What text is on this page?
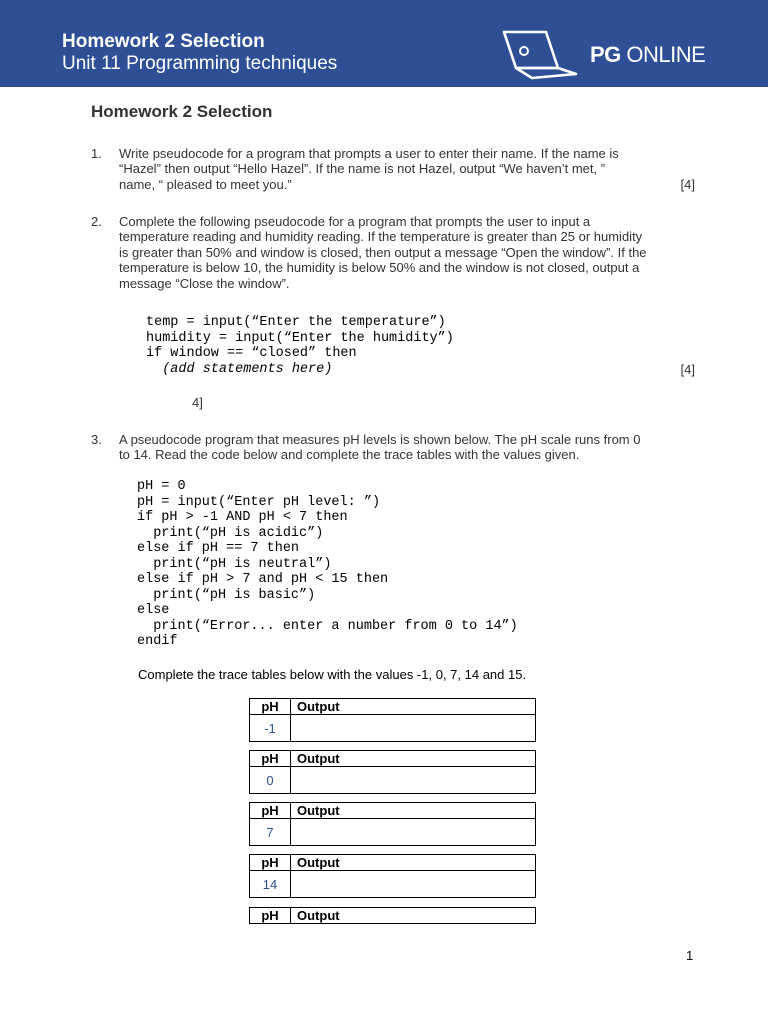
Homework 2 Selection
Unit 11 Programming techniques	PG ONLINE
Homework 2 Selection
1. Write pseudocode for a program that prompts a user to enter their name. If the name is
“Hazel” then output “Hello Hazel”. If the name is not Hazel, output “We haven’t met, ”
name, “ pleased to meet you.”	[4]
2. Complete the following pseudocode for a program that prompts the user to input a
temperature reading and humidity reading. If the temperature is greater than 25 or humidity
is greater than 50% and window is closed, then output a message “Open the window”. If the
temperature is below 10, the humidity is below 50% and the window is not closed, output a
message “Close the window”.
temp = input(“Enter the temperature”)
humidity = input(“Enter the humidity”)
if window == “closed” then
(add statements here)	[4]
4]
3. A pseudocode program that measures pH levels is shown below. The pH scale runs from 0
to 14. Read the code below and complete the trace tables with the values given.
pH = 0
pH = input(“Enter pH level: ”)
if pH > -1 AND pH < 7 then
print(“pH is acidic”)
else if pH == 7 then
print(“pH is neutral”)
else if pH > 7 and pH < 15 then
print(“pH is basic”)
else
print(“Error... enter a number from 0 to 14”)
endif
Complete the trace tables below with the values -1, 0, 7, 14 and 15.
pH	Output
-1	
pH	Output
0	
pH	Output
7	
pH	Output
14	
pH	Output
1
